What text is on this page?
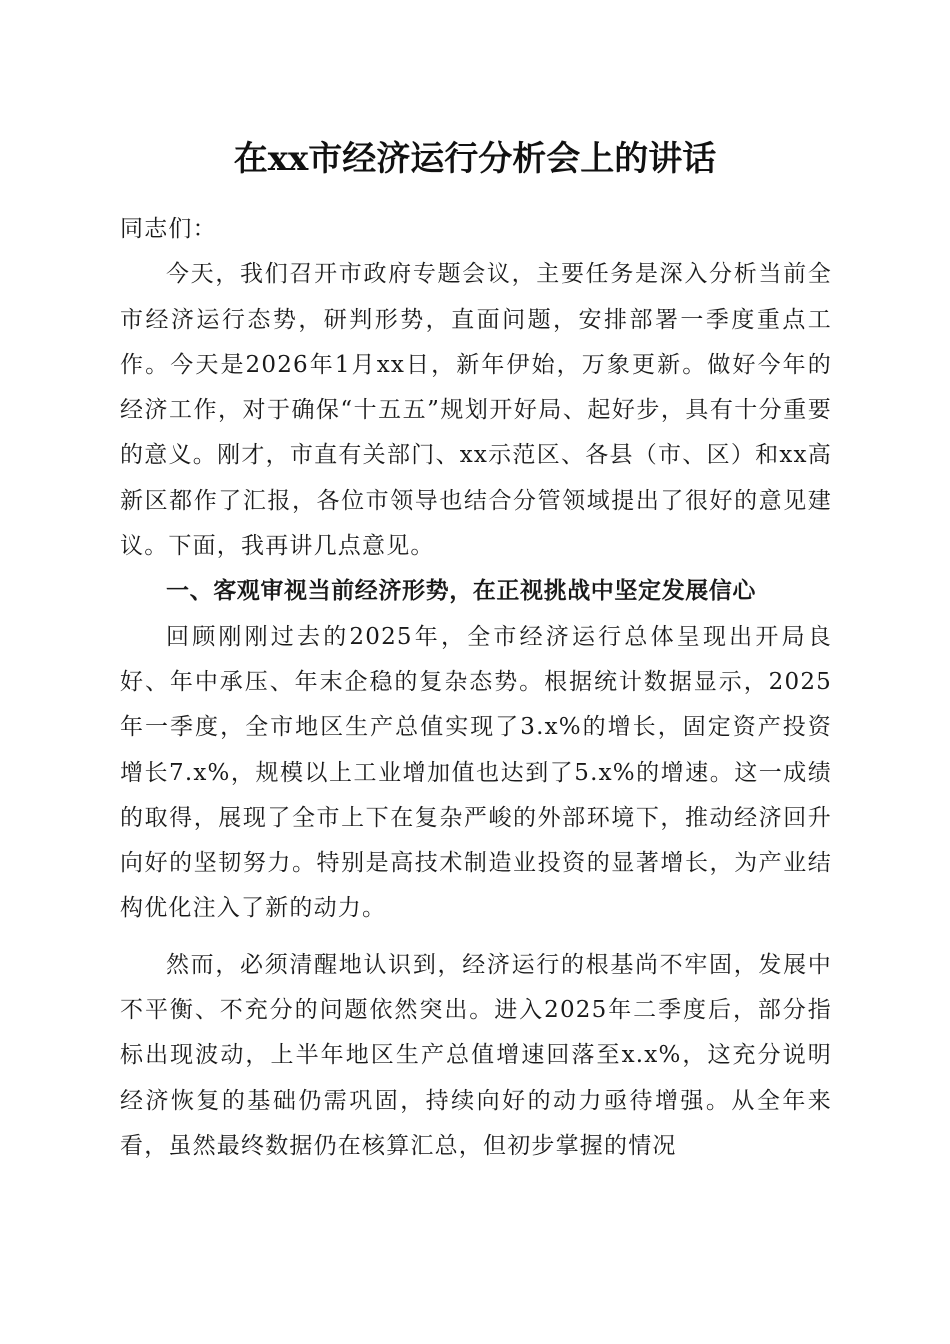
在xx市经济运行分析会上的讲话

同志们：

今天，我们召开市政府专题会议，主要任务是深入分析当前全市经济运行态势，研判形势，直面问题，安排部署一季度重点工作。今天是2026年1月xx日，新年伊始，万象更新。做好今年的经济工作，对于确保“十五五”规划开好局、起好步，具有十分重要的意义。刚才，市直有关部门、xx示范区、各县（市、区）和xx高新区都作了汇报，各位市领导也结合分管领域提出了很好的意见建议。下面，我再讲几点意见。

一、客观审视当前经济形势，在正视挑战中坚定发展信心

回顾刚刚过去的2025年，全市经济运行总体呈现出开局良好、年中承压、年末企稳的复杂态势。根据统计数据显示，2025年一季度，全市地区生产总值实现了3.x%的增长，固定资产投资增长7.x%，规模以上工业增加值也达到了5.x%的增速。这一成绩的取得，展现了全市上下在复杂严峻的外部环境下，推动经济回升向好的坚韧努力。特别是高技术制造业投资的显著增长，为产业结构优化注入了新的动力。

然而，必须清醒地认识到，经济运行的根基尚不牢固，发展中不平衡、不充分的问题依然突出。进入2025年二季度后，部分指标出现波动，上半年地区生产总值增速回落至x.x%，这充分说明经济恢复的基础仍需巩固，持续向好的动力亟待增强。从全年来看，虽然最终数据仍在核算汇总，但初步掌握的情况
